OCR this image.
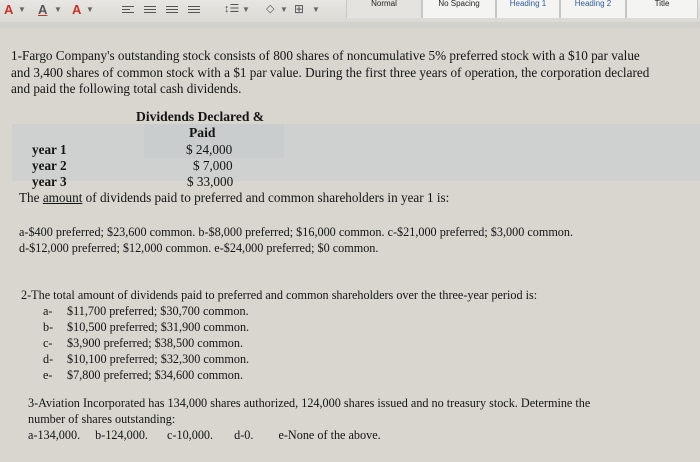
A ▼ A ▼ A ▼	↕☰ ▼ ◇ ▼ ⊞ ▼
Normal	No Spacing	Heading 1	Heading 2	Title
1-Fargo Company's outstanding stock consists of 800 shares of noncumulative 5% preferred stock with a $10 par value
and 3,400 shares of common stock with a $1 par value. During the first three years of operation, the corporation declared
and paid the following total cash dividends.
Dividends Declared &
Paid
year 1	$ 24,000
year 2	$ 7,000
year 3	$ 33,000
The amount of dividends paid to preferred and common shareholders in year 1 is:
a-$400 preferred; $23,600 common. b-$8,000 preferred; $16,000 common. c-$21,000 preferred; $3,000 common.
d-$12,000 preferred; $12,000 common. e-$24,000 preferred; $0 common.
2-The total amount of dividends paid to preferred and common shareholders over the three-year period is:
a- $11,700 preferred; $30,700 common.
b- $10,500 preferred; $31,900 common.
c- $3,900 preferred; $38,500 common.
d- $10,100 preferred; $32,300 common.
e- $7,800 preferred; $34,600 common.
3-Aviation Incorporated has 134,000 shares authorized, 124,000 shares issued and no treasury stock. Determine the
number of shares outstanding:
a-134,000. b-124,000. c-10,000. d-0. e-None of the above.
